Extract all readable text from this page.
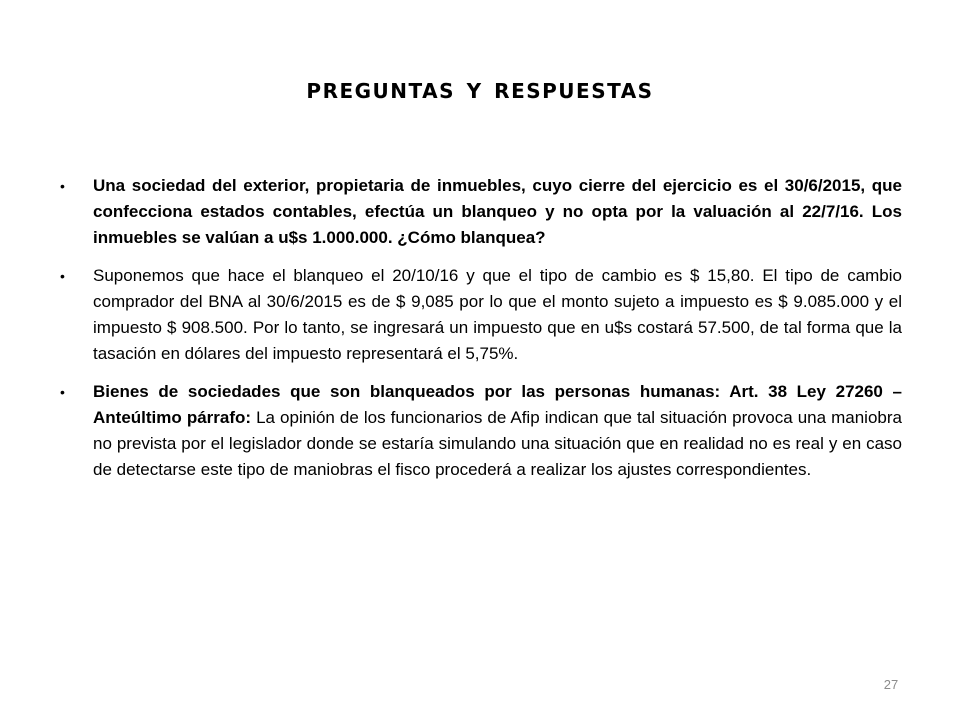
preguntas y respuestas
•	Una sociedad del exterior, propietaria de inmuebles, cuyo cierre del ejercicio es el 30/6/2015, que confecciona estados contables, efectúa un blanqueo y no opta por la valuación al 22/7/16. Los inmuebles se valúan a u$s 1.000.000. ¿Cómo blanquea?
•	Suponemos que hace el blanqueo el 20/10/16 y que el tipo de cambio es $ 15,80. El tipo de cambio comprador del BNA al 30/6/2015 es de $ 9,085 por lo que el monto sujeto a impuesto es $ 9.085.000 y el impuesto $ 908.500. Por lo tanto, se ingresará un impuesto que en u$s costará 57.500, de tal forma que la tasación en dólares del impuesto representará el 5,75%.
•	Bienes de sociedades que son blanqueados por las personas humanas: Art. 38 Ley 27260 – Anteúltimo párrafo: La opinión de los funcionarios de Afip indican que tal situación provoca una maniobra no prevista por el legislador donde se estaría simulando una situación que en realidad no es real y en caso de detectarse este tipo de maniobras el fisco procederá a realizar los ajustes correspondientes.
27
